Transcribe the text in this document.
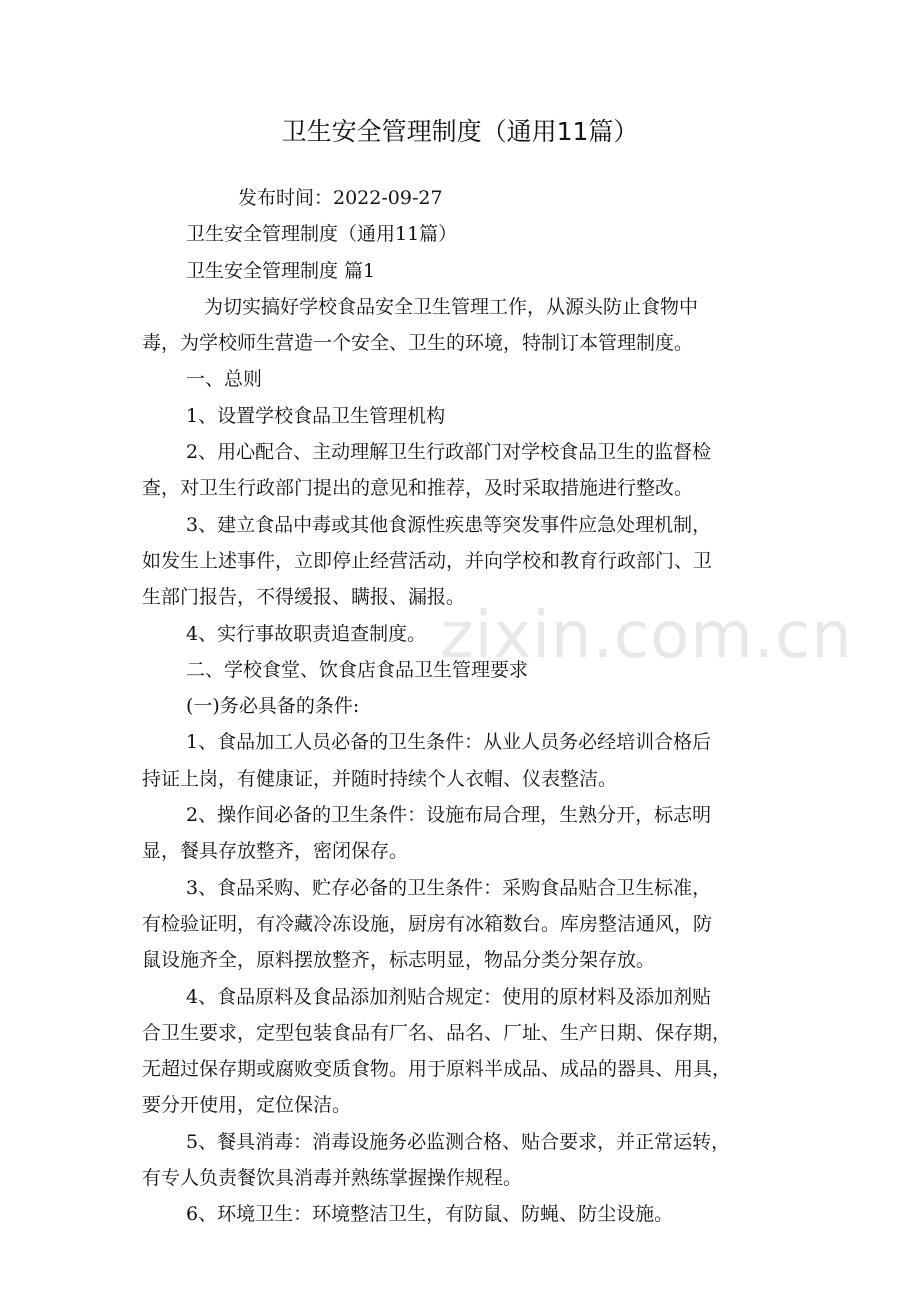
卫生安全管理制度（通用11篇）
发布时间：2022-09-27
卫生安全管理制度（通用11篇）
卫生安全管理制度 篇1
为切实搞好学校食品安全卫生管理工作，从源头防止食物中
毒，为学校师生营造一个安全、卫生的环境，特制订本管理制度。
一、总则
1、设置学校食品卫生管理机构
2、用心配合、主动理解卫生行政部门对学校食品卫生的监督检
查，对卫生行政部门提出的意见和推荐，及时采取措施进行整改。
3、建立食品中毒或其他食源性疾患等突发事件应急处理机制，
如发生上述事件，立即停止经营活动，并向学校和教育行政部门、卫
生部门报告，不得缓报、瞒报、漏报。
4、实行事故职责追查制度。
二、学校食堂、饮食店食品卫生管理要求
(一)务必具备的条件:
1、食品加工人员必备的卫生条件：从业人员务必经培训合格后
持证上岗，有健康证，并随时持续个人衣帽、仪表整洁。
2、操作间必备的卫生条件：设施布局合理，生熟分开，标志明
显，餐具存放整齐，密闭保存。
3、食品采购、贮存必备的卫生条件：采购食品贴合卫生标准，
有检验证明，有冷藏冷冻设施，厨房有冰箱数台。库房整洁通风，防
鼠设施齐全，原料摆放整齐，标志明显，物品分类分架存放。
4、食品原料及食品添加剂贴合规定：使用的原材料及添加剂贴
合卫生要求，定型包装食品有厂名、品名、厂址、生产日期、保存期，
无超过保存期或腐败变质食物。用于原料半成品、成品的器具、用具，
要分开使用，定位保洁。
5、餐具消毒：消毒设施务必监测合格、贴合要求，并正常运转，
有专人负责餐饮具消毒并熟练掌握操作规程。
6、环境卫生：环境整洁卫生，有防鼠、防蝇、防尘设施。
zixin.com.cn
